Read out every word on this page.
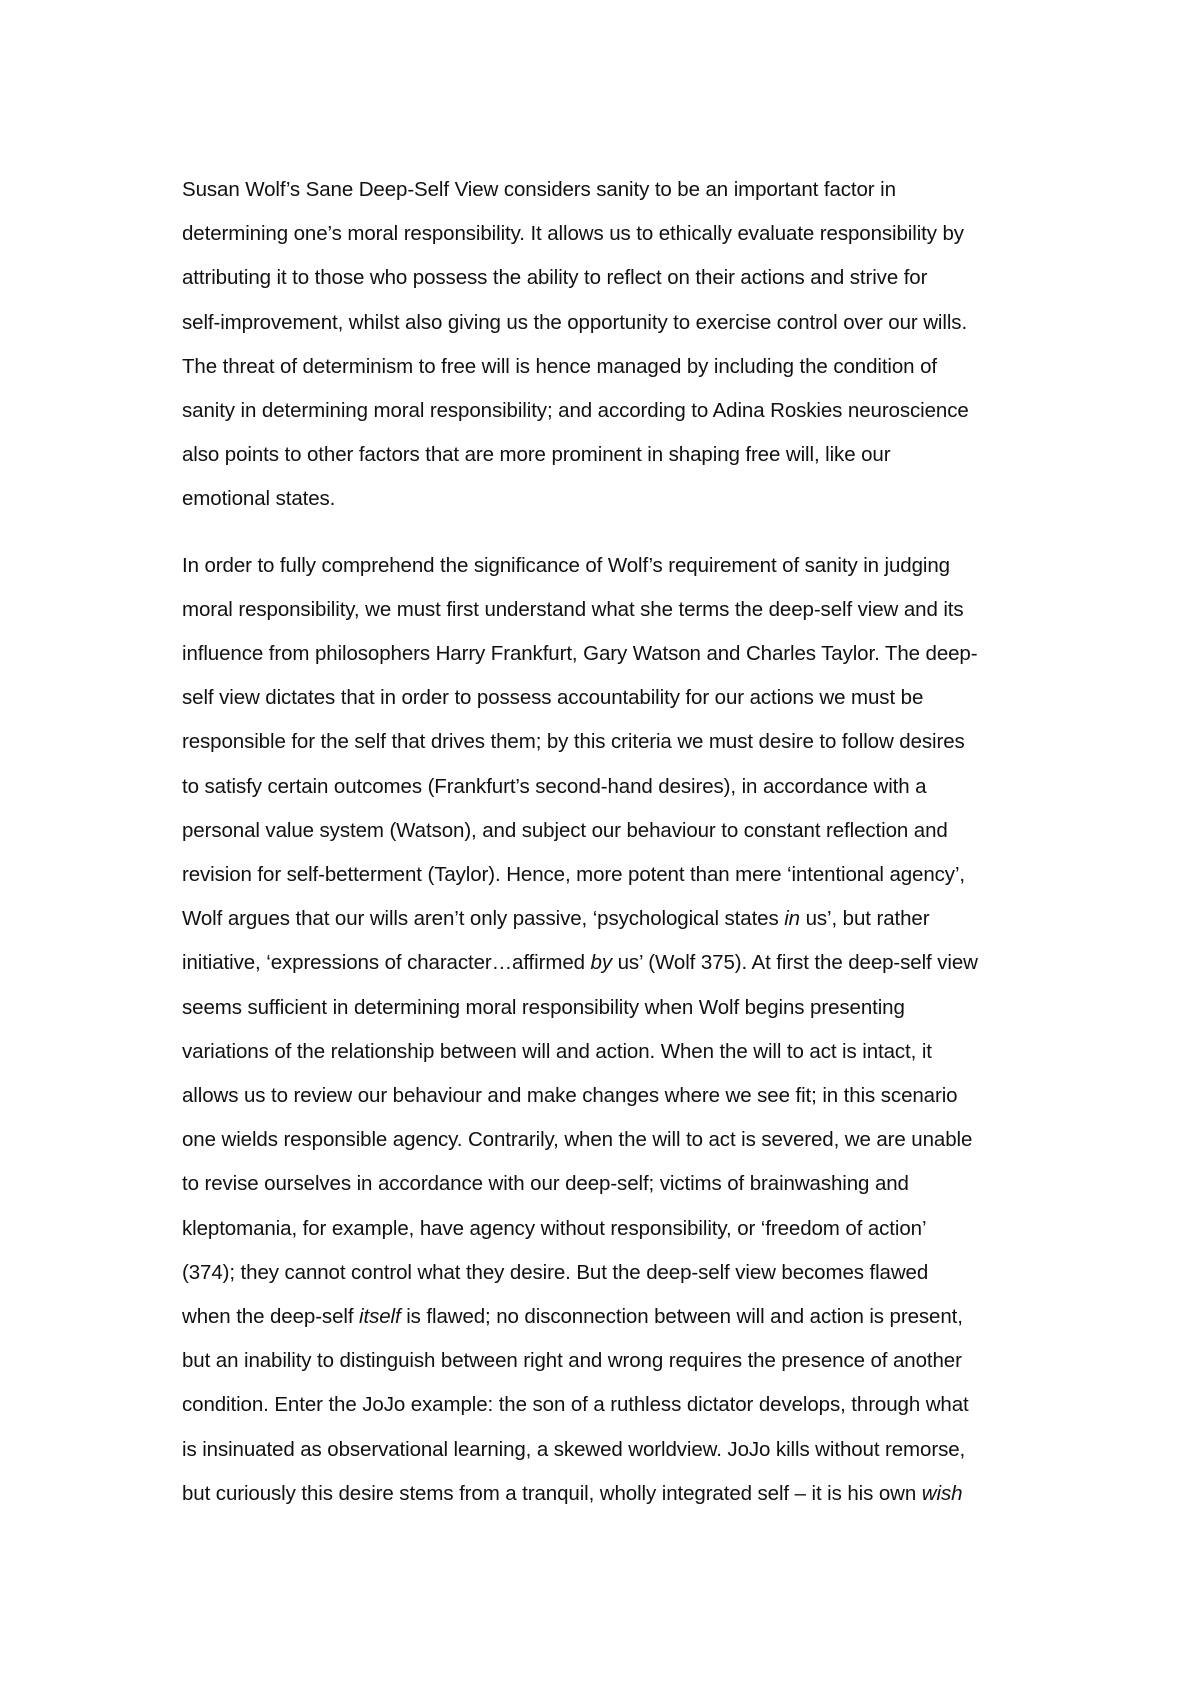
Susan Wolf’s Sane Deep-Self View considers sanity to be an important factor in
determining one’s moral responsibility. It allows us to ethically evaluate responsibility by
attributing it to those who possess the ability to reflect on their actions and strive for
self-improvement, whilst also giving us the opportunity to exercise control over our wills.
The threat of determinism to free will is hence managed by including the condition of
sanity in determining moral responsibility; and according to Adina Roskies neuroscience
also points to other factors that are more prominent in shaping free will, like our
emotional states.

In order to fully comprehend the significance of Wolf’s requirement of sanity in judging
moral responsibility, we must first understand what she terms the deep-self view and its
influence from philosophers Harry Frankfurt, Gary Watson and Charles Taylor. The deep-
self view dictates that in order to possess accountability for our actions we must be
responsible for the self that drives them; by this criteria we must desire to follow desires
to satisfy certain outcomes (Frankfurt’s second-hand desires), in accordance with a
personal value system (Watson), and subject our behaviour to constant reflection and
revision for self-betterment (Taylor). Hence, more potent than mere ‘intentional agency’,
Wolf argues that our wills aren’t only passive, ‘psychological states in us’, but rather
initiative, ‘expressions of character…affirmed by us’ (Wolf 375). At first the deep-self view
seems sufficient in determining moral responsibility when Wolf begins presenting
variations of the relationship between will and action. When the will to act is intact, it
allows us to review our behaviour and make changes where we see fit; in this scenario
one wields responsible agency. Contrarily, when the will to act is severed, we are unable
to revise ourselves in accordance with our deep-self; victims of brainwashing and
kleptomania, for example, have agency without responsibility, or ‘freedom of action’
(374); they cannot control what they desire. But the deep-self view becomes flawed
when the deep-self itself is flawed; no disconnection between will and action is present,
but an inability to distinguish between right and wrong requires the presence of another
condition. Enter the JoJo example: the son of a ruthless dictator develops, through what
is insinuated as observational learning, a skewed worldview. JoJo kills without remorse,
but curiously this desire stems from a tranquil, wholly integrated self – it is his own wish
